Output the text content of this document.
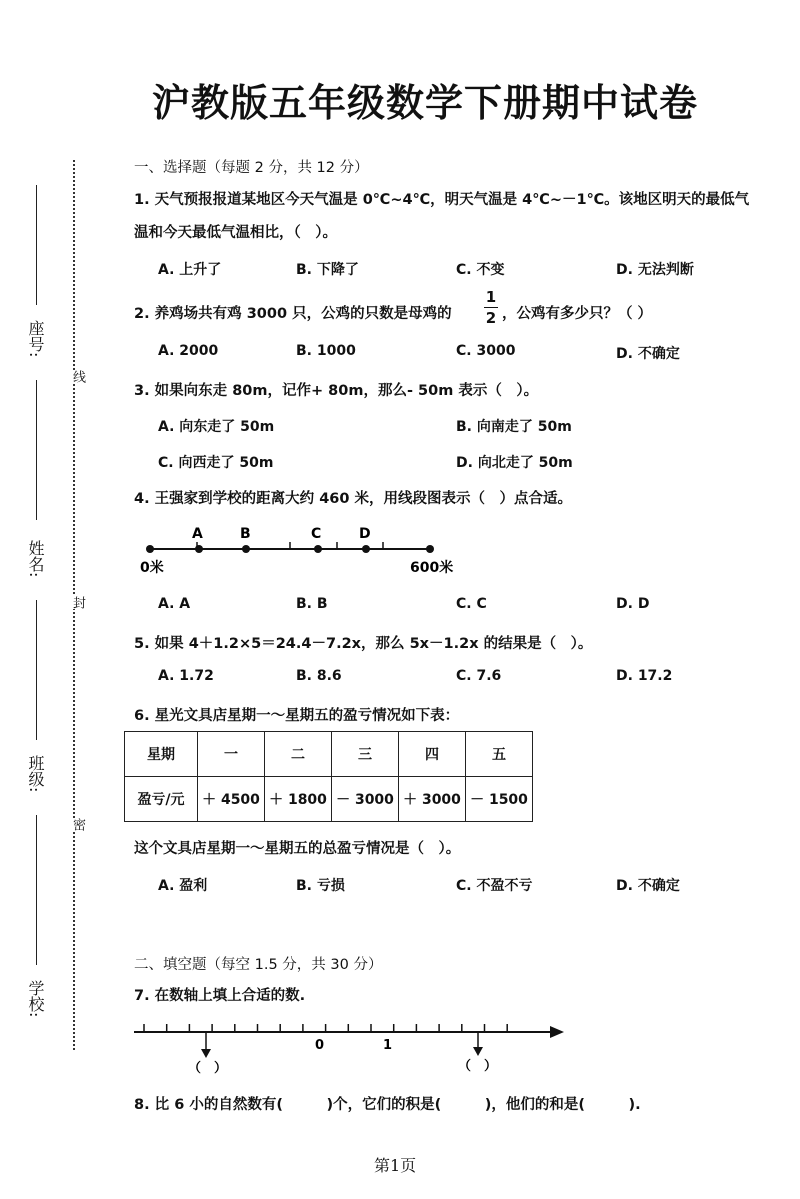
沪教版五年级数学下册期中试卷
座号:
姓名:
班级:
学校:
线
封
密
一、选择题（每题 2 分，共 12 分）
1. 天气预报报道某地区今天气温是 0℃~4℃，明天气温是 4℃~－1℃。该地区明天的最低气
温和今天最低气温相比，（　）。
A. 上升了	B. 下降了	C. 不变	D. 无法判断
2. 养鸡场共有鸡 3000 只，公鸡的只数是母鸡的
1
2 ，公鸡有多少只？（ ）
A. 2000	B. 1000	C. 3000	D. 不确定
3. 如果向东走 80m，记作+ 80m，那么- 50m 表示（　）。
A. 向东走了 50m	B. 向南走了 50m
C. 向西走了 50m	D. 向北走了 50m
4. 王强家到学校的距离大约 460 米，用线段图表示（　）点合适。
A	B	C	D
0米	600米
A. A	B. B	C. C	D. D
5. 如果 4＋1.2×5＝24.4－7.2x，那么 5x－1.2x 的结果是（　）。
A. 1.72	B. 8.6	C. 7.6	D. 17.2
6. 星光文具店星期一～星期五的盈亏情况如下表：
星期	一	二	三	四	五
盈亏/元	＋ 4500	＋ 1800	－ 3000	＋ 3000	－ 1500
这个文具店星期一～星期五的总盈亏情况是（　）。
A. 盈利	B. 亏损	C. 不盈不亏	D. 不确定
二、填空题（每空 1.5 分，共 30 分）
7. 在数轴上填上合适的数.
0	1
（　）	（　）
8. 比 6 小的自然数有(　　　)个，它们的积是(　　　)，他们的和是(　　　).
第1页
